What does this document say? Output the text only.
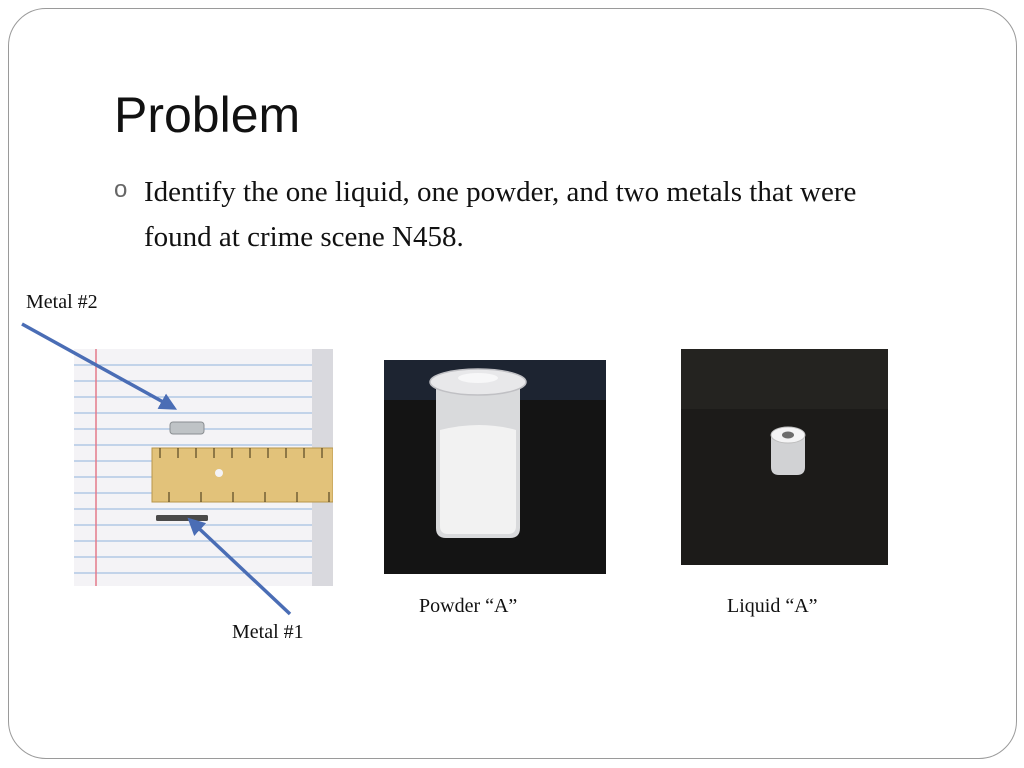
Problem
o Identify the one liquid, one powder, and two metals that were found at crime scene N458.
Metal #2
Metal #1
Powder “A”	Liquid “A”
